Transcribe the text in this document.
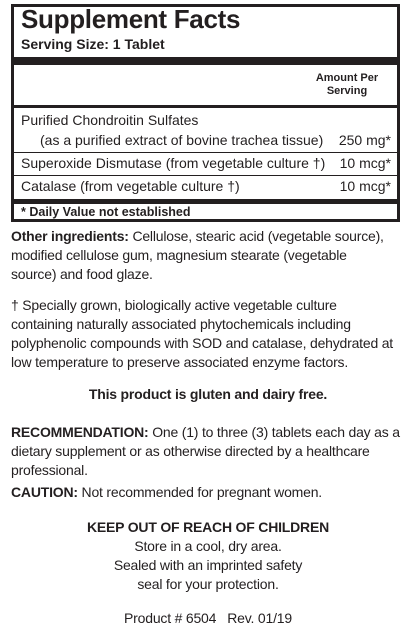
Supplement Facts
Serving Size: 1 Tablet
Amount Per
Serving
Purified Chondroitin Sulfates
(as a purified extract of bovine trachea tissue) 250 mg*
Superoxide Dismutase (from vegetable culture †) 10 mcg*
Catalase (from vegetable culture †)	10 mcg*
* Daily Value not established
Other ingredients: Cellulose, stearic acid (vegetable source),
modified cellulose gum, magnesium stearate (vegetable
source) and food glaze.
† Specially grown, biologically active vegetable culture
containing naturally associated phytochemicals including
polyphenolic compounds with SOD and catalase, dehydrated at
low temperature to preserve associated enzyme factors.
This product is gluten and dairy free.
RECOMMENDATION: One (1) to three (3) tablets each day as a
dietary supplement or as otherwise directed by a healthcare
professional.
CAUTION: Not recommended for pregnant women.
KEEP OUT OF REACH OF CHILDREN
Store in a cool, dry area.
Sealed with an imprinted safety
seal for your protection.
Product # 6504   Rev. 01/19
